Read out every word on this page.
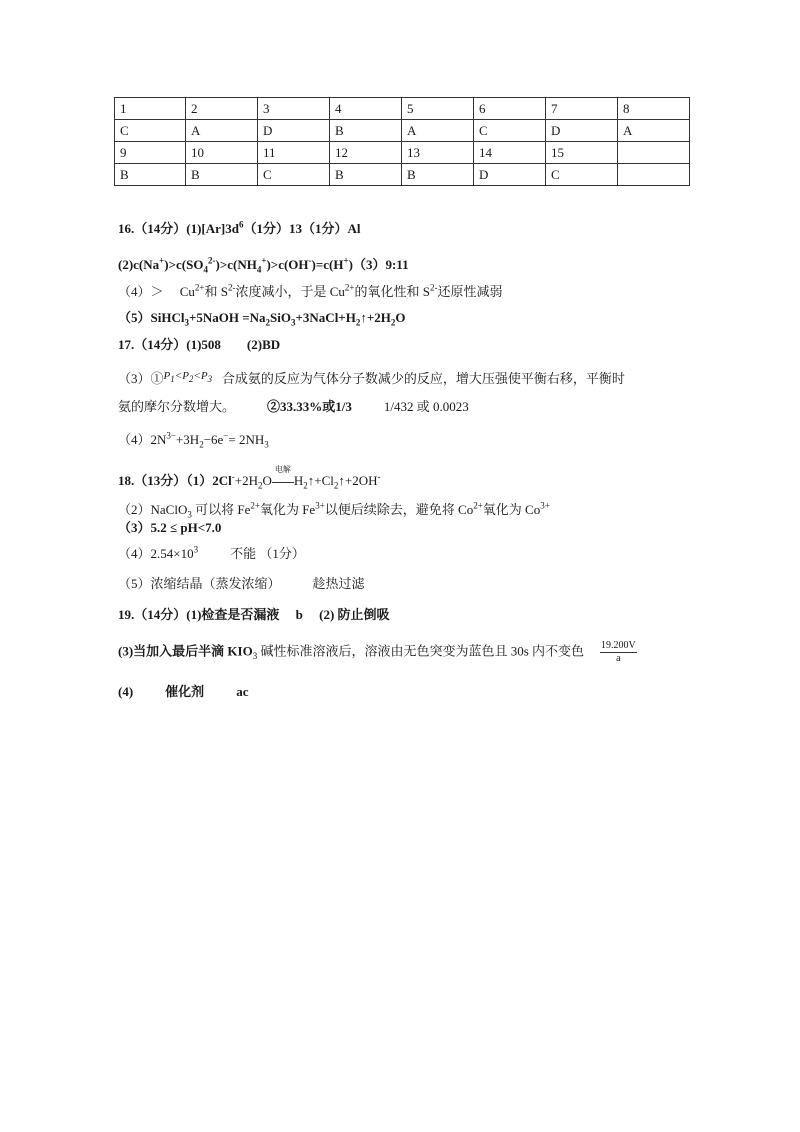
1	2	3	4	5	6	7	8
C	A	D	B	A	C	D	A
9	10	11	12	13	14	15	
B	B	C	B	B	D	C	
16.（14分）$(1)[Ar]3d^6(1$分）13（1分）Al
$(2)c(Na^+)>c(SO_4^{2-})>c(NH_4^+)>c(OH^-)=c(H^+)(3)9:11$
（4）＞　 $Cu^{2+}$和 $S^{2-}$浓度减小，于是 $Cu^{2+}$的氧化性和 $S^{2-}$还原性减弱
（5）SiHCl$_3$+5NaOH $=Na_2SiO_3+3NaCl+H_2↑+2H_2O$
17.（14分）(1)508　　(2)BD
（3）①$^{P_1<P_2<P_3}$ 合成氨的反应为气体分子数减少的反应，增大压强使平衡右移，平衡时
氨的摩尔分数增大。 ②33.33%或1/3 1/432 或 0.0023
$(4)2N^{3-}+3H_2-6e^-= 2NH_3$
18.（13分）$(1)2Cl^-+2H_2O$
电解
$H_2↑+Cl_2↑+2OH^-$
（2）NaClO$_3$ 可以将 $Fe^{2+}$氧化为 $Fe^{3+}$以便后续除去，避免将 $Co^{2+}$氧化为 $Co^{3+}$
（3）5.2 ≤ pH<7.0
$(4)2.54\times 10^3$ 不能 （1分）
（5）浓缩结晶（蒸发浓缩） 趁热过滤
19.（14分）(1)检查是否漏液　 b　 (2) 防止倒吸
(3)当加入最后半滴 $KIO_3$ 碱性标准溶液后，溶液由无色突变为蓝色且 30s 内不变色 $\frac{19.200V}{a}$
(4) 催化剂 ac
